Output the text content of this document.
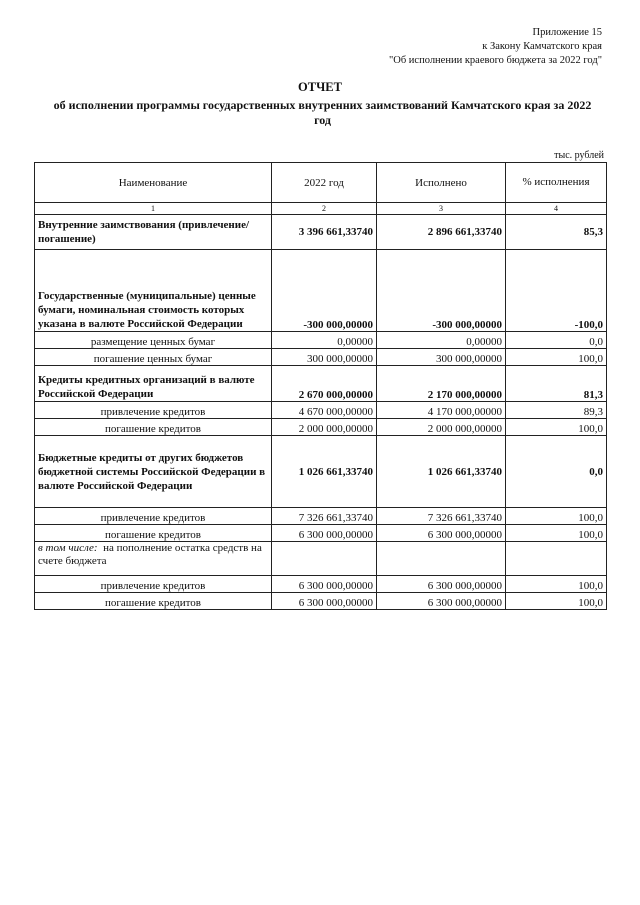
Приложение 15
к Закону Камчатского края
"Об исполнении краевого бюджета за 2022 год"
ОТЧЕТ
об исполнении программы государственных внутренних заимствований Камчатского края за 2022 год
тыс. рублей
Наименование	2022 год	Исполнено	% исполнения
1	2	3	4
Внутренние заимствования (привлечение/погашение)	3 396 661,33740	2 896 661,33740	85,3
Государственные (муниципальные) ценные бумаги, номинальная стоимость которых указана в валюте Российской Федерации	-300 000,00000	-300 000,00000	-100,0
размещение ценных бумаг	0,00000	0,00000	0,0
погашение ценных бумаг	300 000,00000	300 000,00000	100,0
Кредиты кредитных организаций в валюте Российской Федерации	2 670 000,00000	2 170 000,00000	81,3
привлечение кредитов	4 670 000,00000	4 170 000,00000	89,3
погашение кредитов	2 000 000,00000	2 000 000,00000	100,0
Бюджетные кредиты от других бюджетов бюджетной системы Российской Федерации в валюте Российской Федерации	1 026 661,33740	1 026 661,33740	0,0
привлечение кредитов	7 326 661,33740	7 326 661,33740	100,0
погашение кредитов	6 300 000,00000	6 300 000,00000	100,0
в том числе: на пополнение остатка средств на счете бюджета			
привлечение кредитов	6 300 000,00000	6 300 000,00000	100,0
погашение кредитов	6 300 000,00000	6 300 000,00000	100,0
